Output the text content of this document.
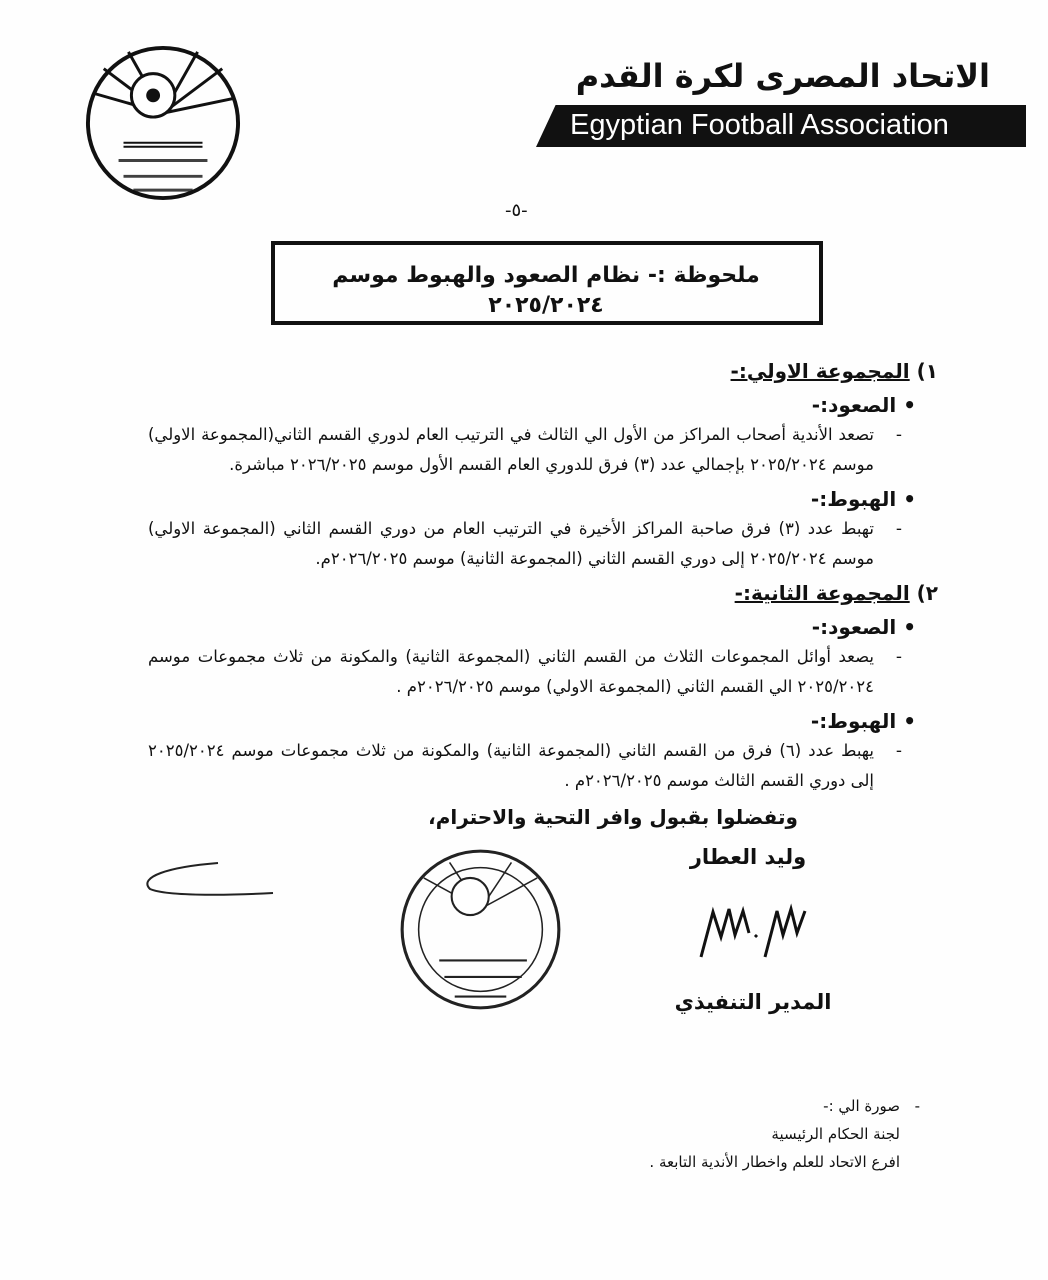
الاتحاد المصرى لكرة القدم
Egyptian Football Association
-٥-
ملحوظة :- نظام الصعود والهبوط موسم ٢٠٢٥/٢٠٢٤
١) المجموعة الاولي:-
• الصعود:-
-
تصعد الأندية أصحاب المراكز من الأول الي الثالث في الترتيب العام لدوري القسم الثاني(المجموعة الاولي) موسم ٢٠٢٥/٢٠٢٤ بإجمالي عدد (٣) فرق للدوري العام القسم الأول موسم ٢٠٢٦/٢٠٢٥ مباشرة.
• الهبوط:-
-
تهبط عدد (٣) فرق صاحبة المراكز الأخيرة في الترتيب العام من دوري القسم الثاني (المجموعة الاولي) موسم ٢٠٢٥/٢٠٢٤ إلى دوري القسم الثاني (المجموعة الثانية) موسم ٢٠٢٦/٢٠٢٥م.
٢) المجموعة الثانية:-
• الصعود:-
-
يصعد أوائل المجموعات الثلاث من القسم الثاني (المجموعة الثانية) والمكونة من ثلاث مجموعات موسم ٢٠٢٥/٢٠٢٤ الي القسم الثاني (المجموعة الاولي) موسم ٢٠٢٦/٢٠٢٥م .
• الهبوط:-
-
يهبط عدد (٦) فرق من القسم الثاني (المجموعة الثانية) والمكونة من ثلاث مجموعات موسم ٢٠٢٥/٢٠٢٤ إلى دوري القسم الثالث موسم ٢٠٢٦/٢٠٢٥م .
وتفضلوا بقبول وافر التحية والاحترام،
وليد العطار
المدير التنفيذي
-
صورة الي :-
لجنة الحكام الرئيسية
افرع الاتحاد للعلم واخطار الأندية التابعة .
